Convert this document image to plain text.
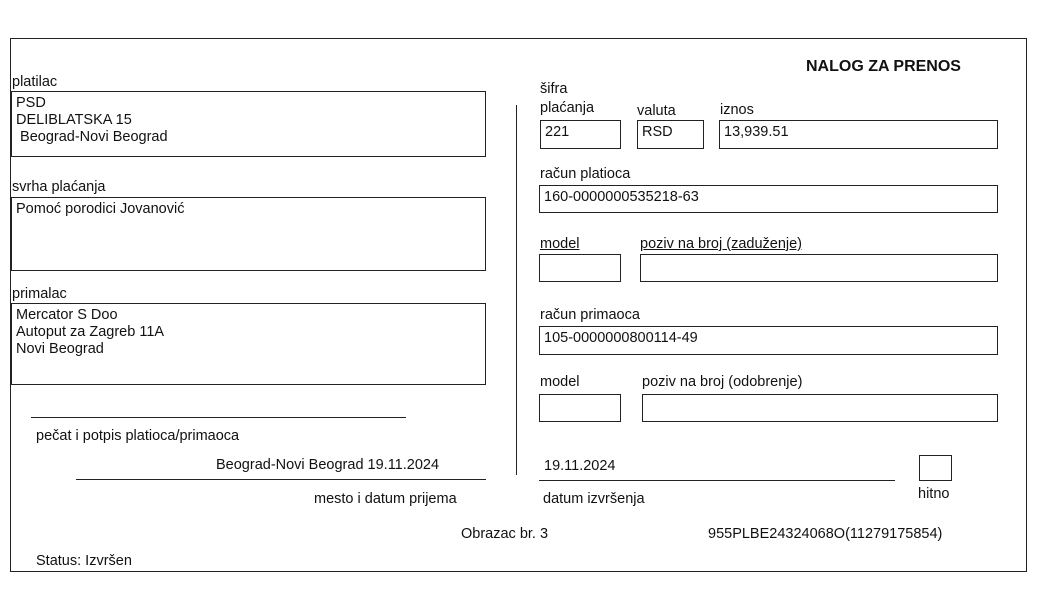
NALOG ZA PRENOS
platilac
PSD
DELIBLATSKA 15
Beograd-Novi Beograd
svrha plaćanja
Pomoć porodici Jovanović
primalac
Mercator S Doo
Autoput za Zagreb 11A
Novi Beograd
pečat i potpis platioca/primaoca
Beograd-Novi Beograd 19.11.2024
mesto i datum prijema
šifra
plaćanja
221
valuta
RSD
iznos
13,939.51
račun platioca
160-0000000535218-63
model	poziv na broj (zaduženje)
račun primaoca
105-0000000800114-49
model	poziv na broj (odobrenje)
19.11.2024
datum izvršenja	hitno
Obrazac br. 3	955PLBE24324068O(11279175854)
Status: Izvršen
